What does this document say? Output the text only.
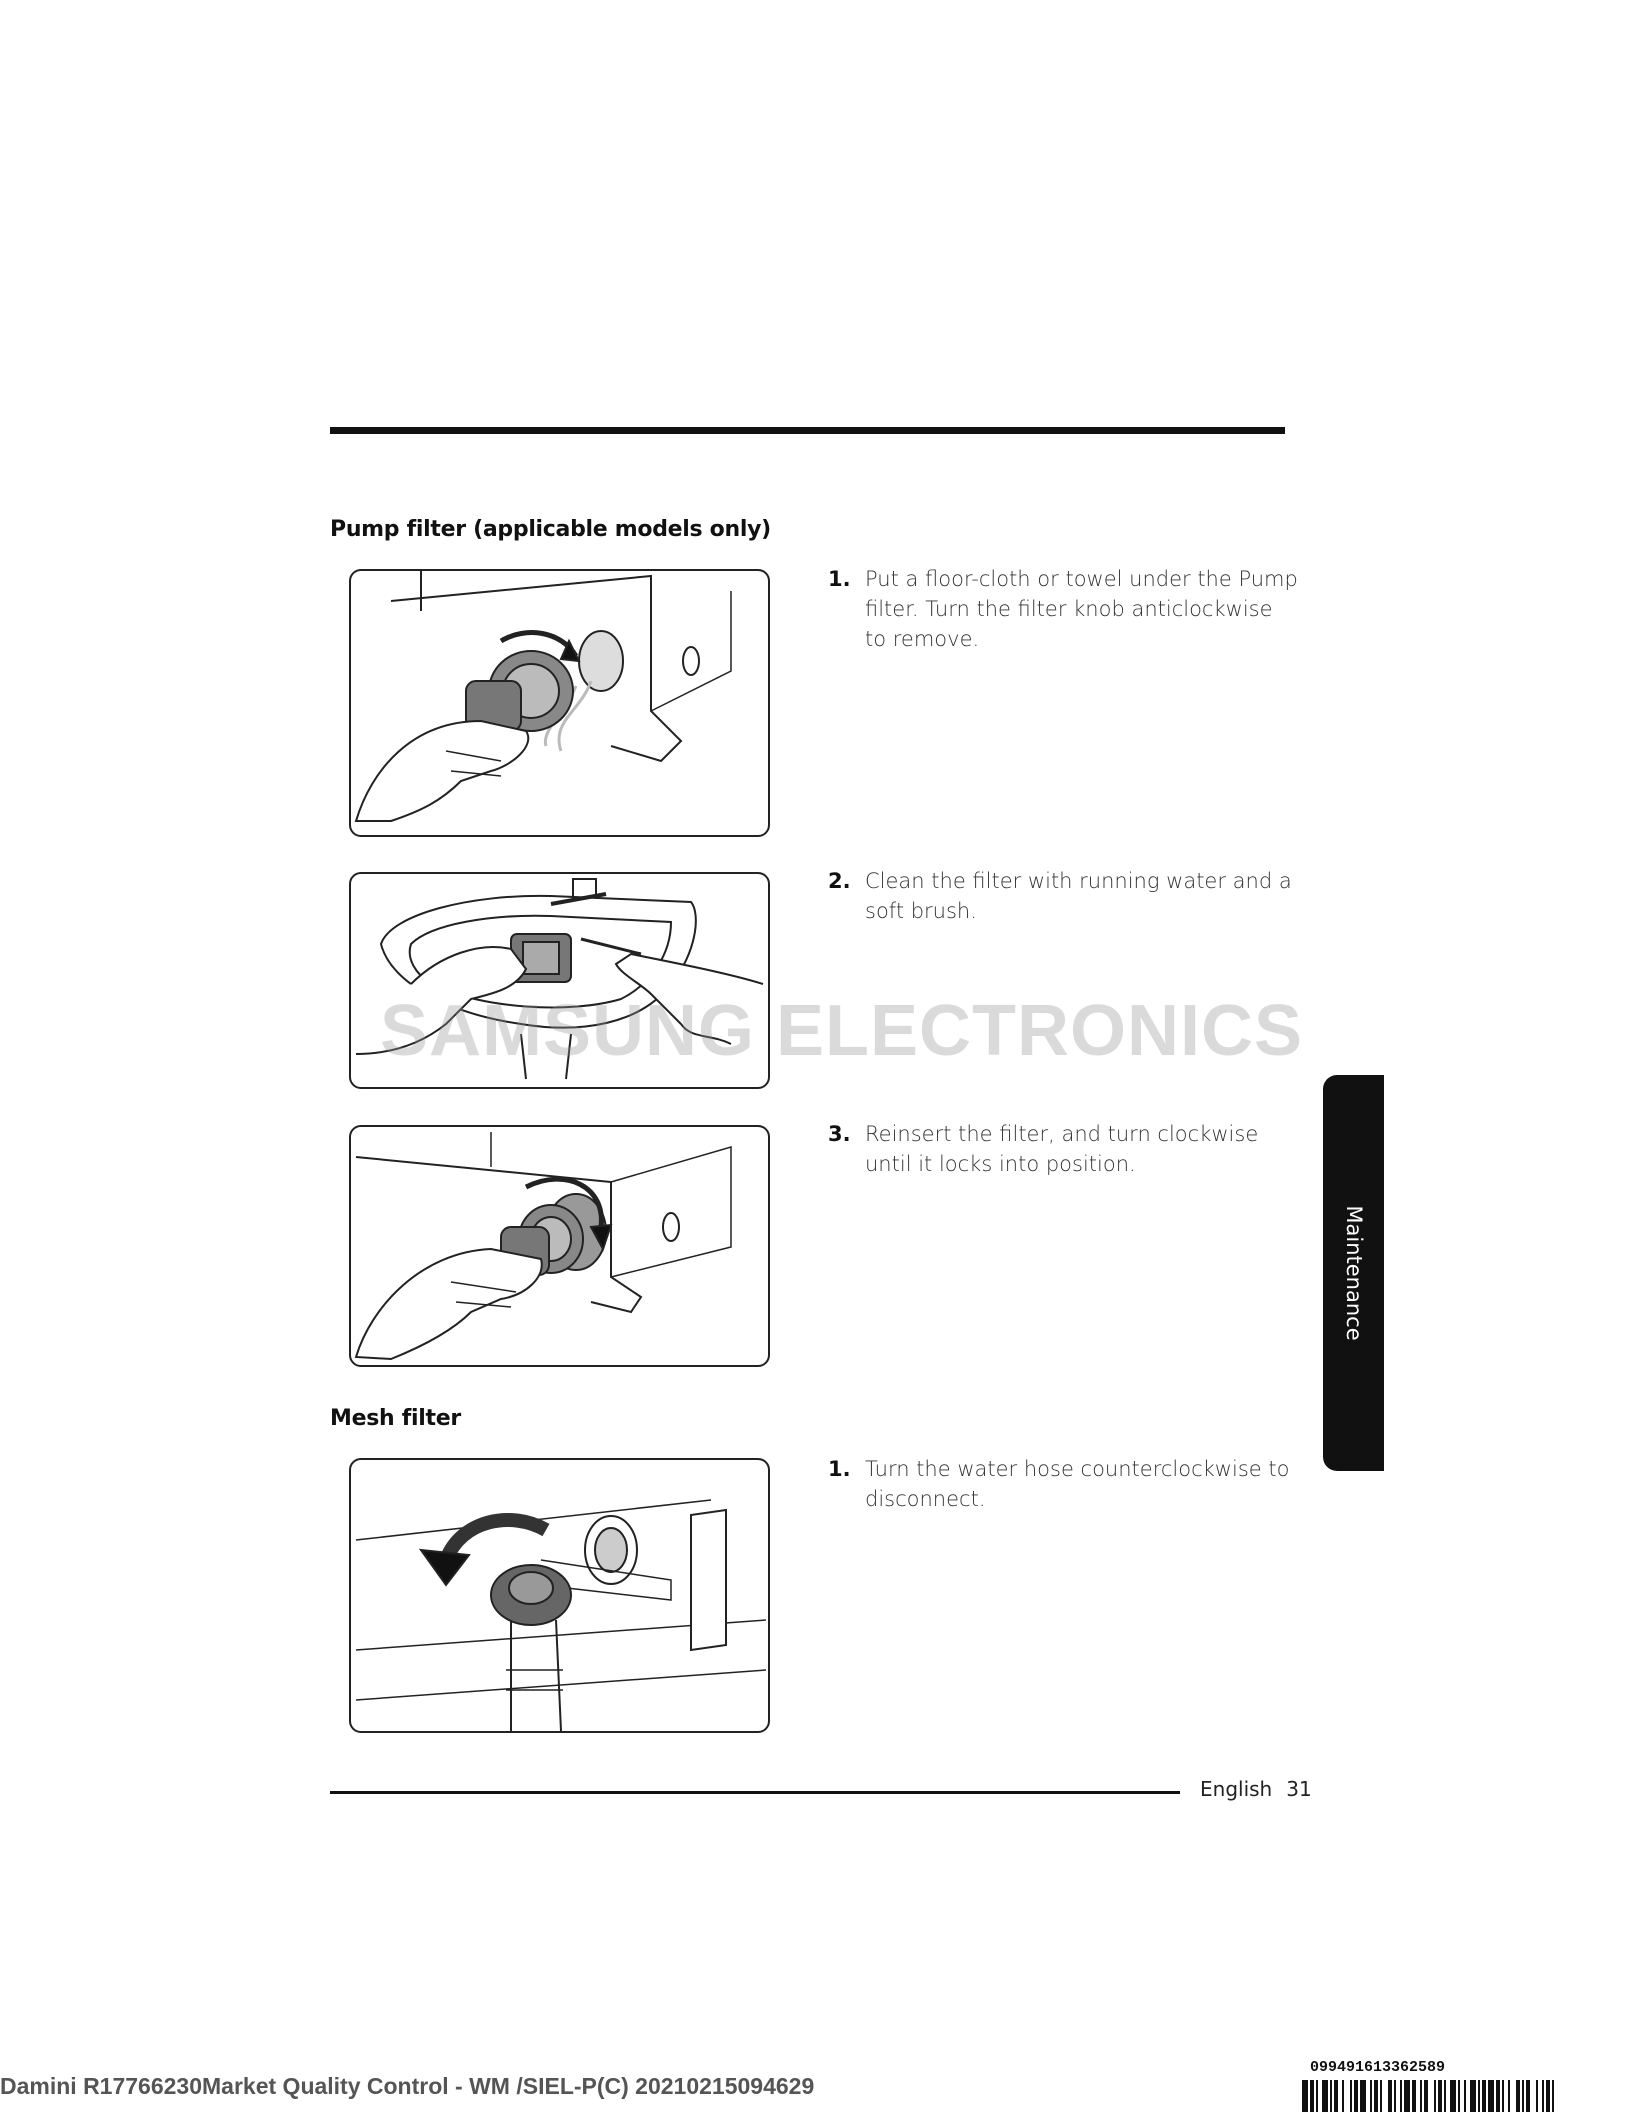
Pump filter (applicable models only)
1. Put a floor-cloth or towel under the Pump filter. Turn the filter knob anticlockwise to remove.
2. Clean the filter with running water and a soft brush.
3. Reinsert the filter, and turn clockwise until it locks into position.
Mesh filter
1. Turn the water hose counterclockwise to disconnect.
Maintenance
SAMSUNG ELECTRONICS
English 31
Damini R17766230Market Quality Control - WM /SIEL-P(C) 20210215094629
099491613362589
